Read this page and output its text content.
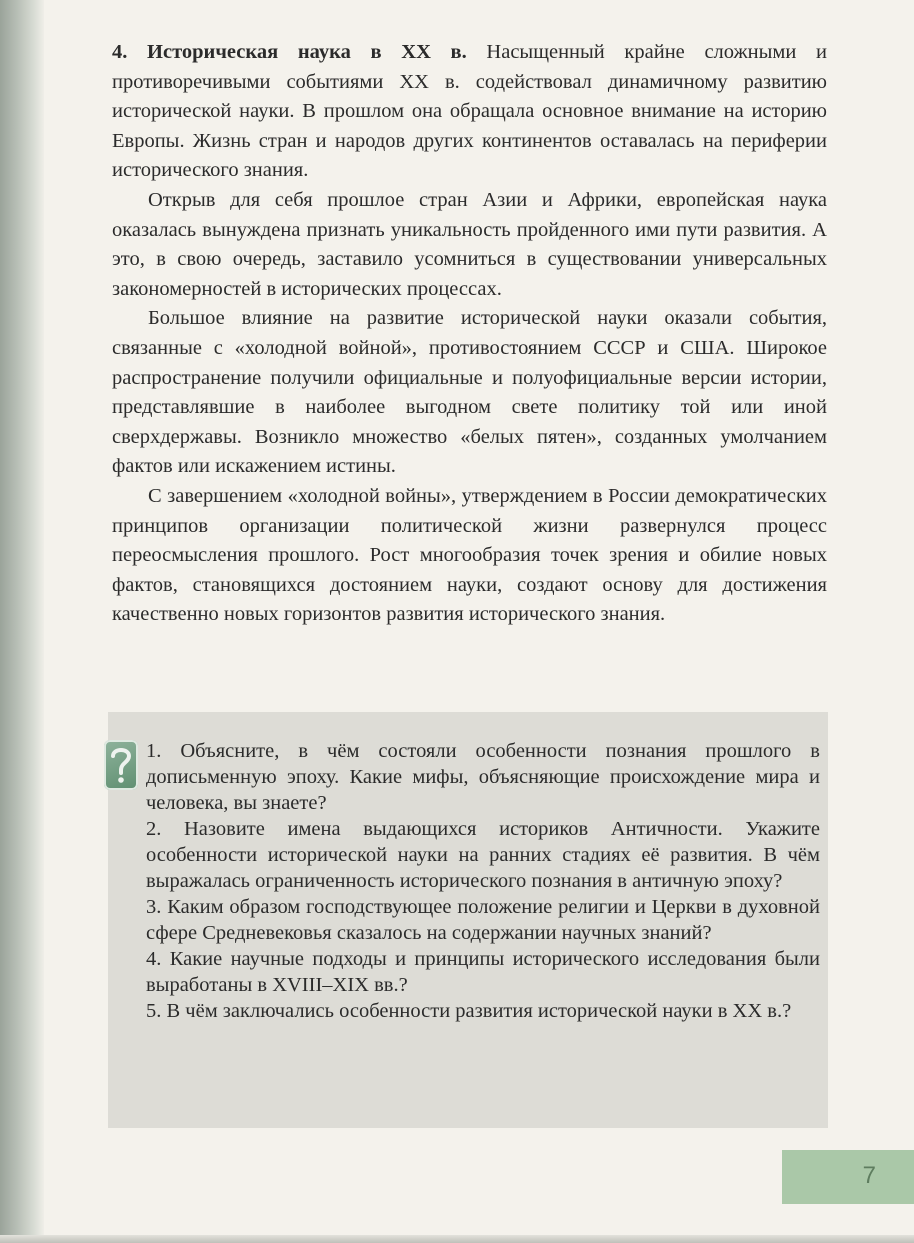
4. Историческая наука в XX в. Насыщенный крайне сложными и противоречивыми событиями XX в. содействовал динамичному развитию исторической науки. В прошлом она обращала основное внимание на историю Европы. Жизнь стран и народов других континентов оставалась на периферии исторического знания.

Открыв для себя прошлое стран Азии и Африки, европейская наука оказалась вынуждена признать уникальность пройденного ими пути развития. А это, в свою очередь, заставило усомниться в существовании универсальных закономерностей в исторических процессах.

Большое влияние на развитие исторической науки оказали события, связанные с «холодной войной», противостоянием СССР и США. Широкое распространение получили официальные и полуофициальные версии истории, представлявшие в наиболее выгодном свете политику той или иной сверхдержавы. Возникло множество «белых пятен», созданных умолчанием фактов или искажением истины.

С завершением «холодной войны», утверждением в России демократических принципов организации политической жизни развернулся процесс переосмысления прошлого. Рост многообразия точек зрения и обилие новых фактов, становящихся достоянием науки, создают основу для достижения качественно новых горизонтов развития исторического знания.

1. Объясните, в чём состояли особенности познания прошлого в дописьменную эпоху. Какие мифы, объясняющие происхождение мира и человека, вы знаете?

2. Назовите имена выдающихся историков Античности. Укажите особенности исторической науки на ранних стадиях её развития. В чём выражалась ограниченность исторического познания в античную эпоху?

3. Каким образом господствующее положение религии и Церкви в духовной сфере Средневековья сказалось на содержании научных знаний?

4. Какие научные подходы и принципы исторического исследования были выработаны в XVIII–XIX вв.?

5. В чём заключались особенности развития исторической науки в XX в.?

7
